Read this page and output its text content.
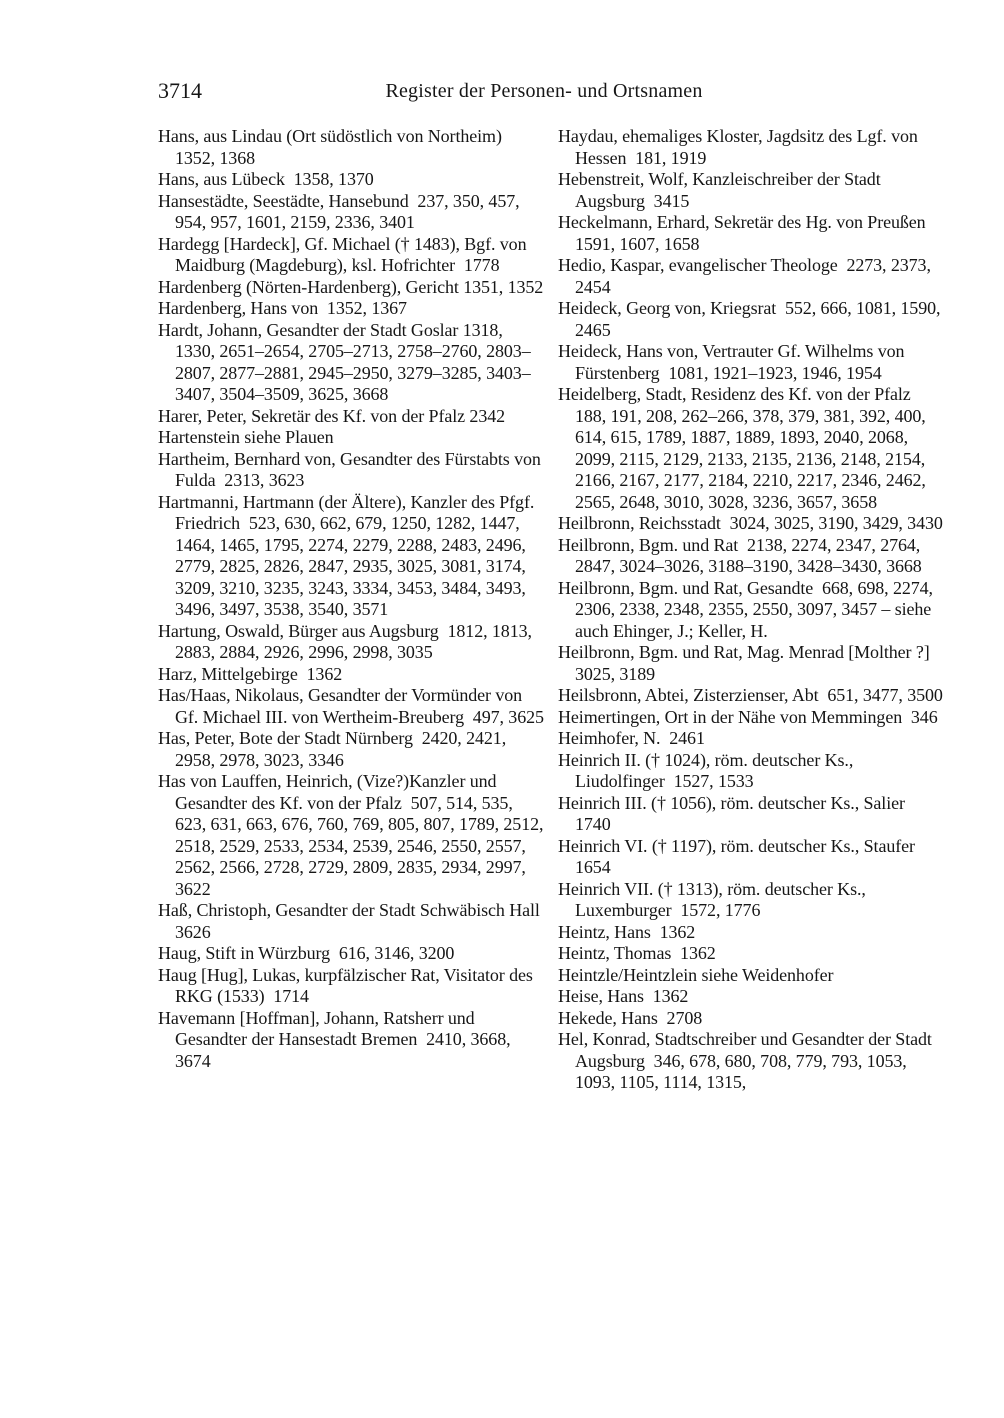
3714	Register der Personen- und Ortsnamen

Hans, aus Lindau (Ort südöstlich von Northeim)  1352, 1368

Hans, aus Lübeck  1358, 1370

Hansestädte, Seestädte, Hansebund  237, 350, 457, 954, 957, 1601, 2159, 2336, 3401

Hardegg [Hardeck], Gf. Michael († 1483), Bgf. von Maidburg (Magdeburg), ksl. Hofrichter  1778

Hardenberg (Nörten-Hardenberg), Gericht 1351, 1352

Hardenberg, Hans von  1352, 1367

Hardt, Johann, Gesandter der Stadt Goslar 1318, 1330, 2651–2654, 2705–2713, 2758–2760, 2803–2807, 2877–2881, 2945–2950, 3279–3285, 3403–3407, 3504–3509, 3625, 3668

Harer, Peter, Sekretär des Kf. von der Pfalz 2342

Hartenstein siehe Plauen

Hartheim, Bernhard von, Gesandter des Fürstabts von Fulda  2313, 3623

Hartmanni, Hartmann (der Ältere), Kanzler des Pfgf. Friedrich  523, 630, 662, 679, 1250, 1282, 1447, 1464, 1465, 1795, 2274, 2279, 2288, 2483, 2496, 2779, 2825, 2826, 2847, 2935, 3025, 3081, 3174, 3209, 3210, 3235, 3243, 3334, 3453, 3484, 3493, 3496, 3497, 3538, 3540, 3571

Hartung, Oswald, Bürger aus Augsburg  1812, 1813, 2883, 2884, 2926, 2996, 2998, 3035

Harz, Mittelgebirge  1362

Has/Haas, Nikolaus, Gesandter der Vormünder von Gf. Michael III. von Wertheim-Breuberg  497, 3625

Has, Peter, Bote der Stadt Nürnberg  2420, 2421, 2958, 2978, 3023, 3346

Has von Lauffen, Heinrich, (Vize?)Kanzler und Gesandter des Kf. von der Pfalz  507, 514, 535, 623, 631, 663, 676, 760, 769, 805, 807, 1789, 2512, 2518, 2529, 2533, 2534, 2539, 2546, 2550, 2557, 2562, 2566, 2728, 2729, 2809, 2835, 2934, 2997, 3622

Haß, Christoph, Gesandter der Stadt Schwäbisch Hall  3626

Haug, Stift in Würzburg  616, 3146, 3200

Haug [Hug], Lukas, kurpfälzischer Rat, Visitator des RKG (1533)  1714

Havemann [Hoffman], Johann, Ratsherr und Gesandter der Hansestadt Bremen  2410, 3668, 3674

Haydau, ehemaliges Kloster, Jagdsitz des Lgf. von Hessen  181, 1919

Hebenstreit, Wolf, Kanzleischreiber der Stadt Augsburg  3415

Heckelmann, Erhard, Sekretär des Hg. von Preußen  1591, 1607, 1658

Hedio, Kaspar, evangelischer Theologe  2273, 2373, 2454

Heideck, Georg von, Kriegsrat  552, 666, 1081, 1590, 2465

Heideck, Hans von, Vertrauter Gf. Wilhelms von Fürstenberg  1081, 1921–1923, 1946, 1954

Heidelberg, Stadt, Residenz des Kf. von der Pfalz  188, 191, 208, 262–266, 378, 379, 381, 392, 400, 614, 615, 1789, 1887, 1889, 1893, 2040, 2068, 2099, 2115, 2129, 2133, 2135, 2136, 2148, 2154, 2166, 2167, 2177, 2184, 2210, 2217, 2346, 2462, 2565, 2648, 3010, 3028, 3236, 3657, 3658

Heilbronn, Reichsstadt  3024, 3025, 3190, 3429, 3430

Heilbronn, Bgm. und Rat  2138, 2274, 2347, 2764, 2847, 3024–3026, 3188–3190, 3428–3430, 3668

Heilbronn, Bgm. und Rat, Gesandte  668, 698, 2274, 2306, 2338, 2348, 2355, 2550, 3097, 3457 – siehe auch Ehinger, J.; Keller, H.

Heilbronn, Bgm. und Rat, Mag. Menrad [Molther ?]  3025, 3189

Heilsbronn, Abtei, Zisterzienser, Abt  651, 3477, 3500

Heimertingen, Ort in der Nähe von Memmingen  346

Heimhofer, N.  2461

Heinrich II. († 1024), röm. deutscher Ks., Liudolfinger  1527, 1533

Heinrich III. († 1056), röm. deutscher Ks., Salier  1740

Heinrich VI. († 1197), röm. deutscher Ks., Staufer  1654

Heinrich VII. († 1313), röm. deutscher Ks., Luxemburger  1572, 1776

Heintz, Hans  1362

Heintz, Thomas  1362

Heintzle/Heintzlein siehe Weidenhofer

Heise, Hans  1362

Hekede, Hans  2708

Hel, Konrad, Stadtschreiber und Gesandter der Stadt Augsburg  346, 678, 680, 708, 779, 793, 1053, 1093, 1105, 1114, 1315,
